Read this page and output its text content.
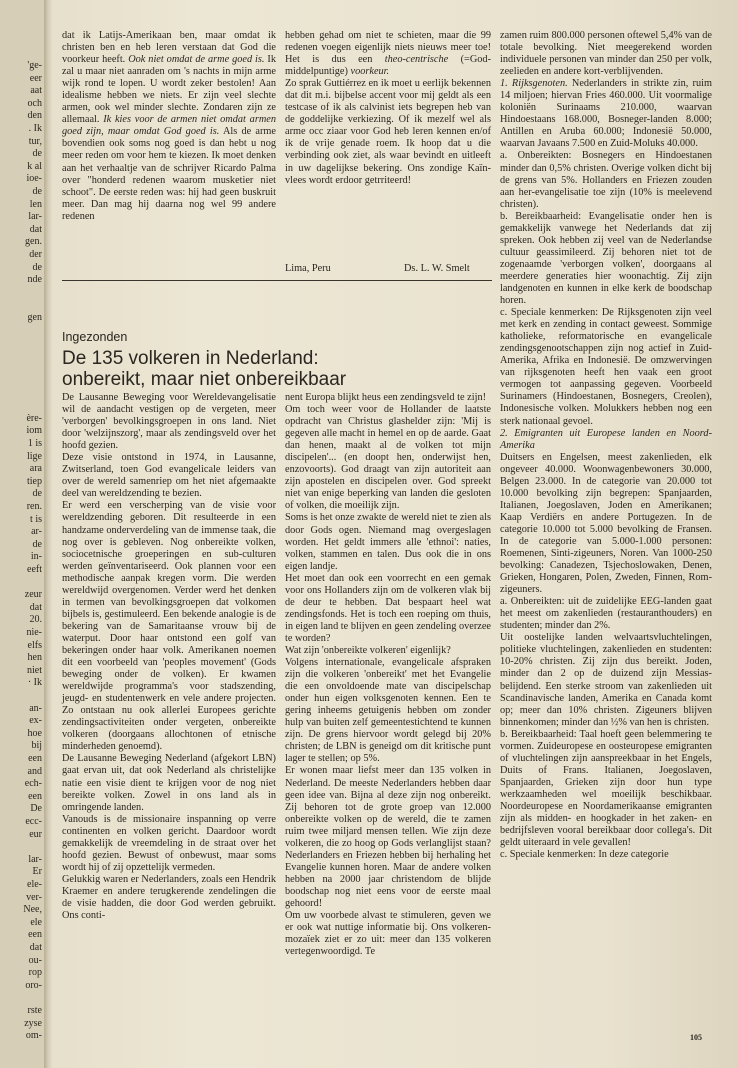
'ge-
eer
aat
och
den
. Ik
tur,
de
k al
ioe-
de
len
lar-
dat
gen.
der
de
nde
gen
ère-
iom
1 is
lige
ara
tiep
de
ren.
t is
ar-
de
in-
eeft
zeur
dat
20.
nie-
elfs
hen
niet
· Ik
an-
ex-
hoe
bij
een
and
ech-
een
De
ecc-
eur
lar-
Er
ele-
ver-
Nee,
ele
een
dat
ou-
rop
oro-
rste
zyse
om-

dat ik Latijs-Amerikaan ben, maar omdat ik christen ben en heb leren verstaan dat God die voorkeur heeft. Ook niet omdat de arme goed is. Ik zal u maar niet aanraden om 's nachts in mijn arme wijk rond te lopen. U wordt zeker bestolen! Aan idealisme hebben we niets. Er zijn veel slechte armen, ook wel minder slechte. Zondaren zijn ze allemaal. Ik kies voor de armen niet omdat armen goed zijn, maar omdat God goed is. Als de arme bovendien ook soms nog goed is dan hebt u nog meer reden om voor hem te kiezen. Ik moet denken aan het verhaaltje van de schrijver Ricardo Palma over "honderd redenen waarom musketier niet schoot". De eerste reden was: hij had geen buskruit meer. Dan mag hij daarna nog wel 99 andere redenen

hebben gehad om niet te schieten, maar die 99 redenen voegen eigenlijk niets nieuws meer toe! Het is dus een theo-centrische (=God-middelpuntige) voorkeur.
Zo sprak Guttiérrez en ik moet u eerlijk bekennen dat dit m.i. bijbelse accent voor mij geldt als een testcase of ik als calvinist iets begrepen heb van de goddelijke verkiezing. Of ik mezelf wel als arme occ ziaar voor God heb leren kennen en/of ik de vrije genade roem. Ik hoop dat u die verbinding ook ziet, als waar bevindt en uitleeft in uw dagelijkse bekering. Ons zondige Kaïn-vlees wordt erdoor getrriteerd!

Lima, Peru	Ds. L. W. Smelt
Ingezonden
De 135 volkeren in Nederland:
onbereikt, maar niet onbereikbaar

De Lausanne Beweging voor Wereldevangelisatie wil de aandacht vestigen op de vergeten, meer 'verborgen' bevolkingsgroepen in ons land. Niet door 'welzijnszorg', maar als zendingsveld over het hoofd gezien.

Deze visie ontstond in 1974, in Lausanne, Zwitserland, toen God evangelicale leiders van over de wereld samenriep om het niet afgemaakte deel van wereldzending te bezien.

Er werd een verscherping van de visie voor wereldzending geboren. Dit resulteerde in een handzame onderverdeling van de immense taak, die nog over is gebleven. Nog onbereikte volken, sociocetnische groeperingen en sub-culturen werden geïnventariseerd. Ook plannen voor een methodische aanpak kregen vorm. Die werden wereldwijd overgenomen. Verder werd het denken in termen van bevolkingsgroepen dat volkomen bijbels is, gestimuleerd. Een bekende analogie is de bekering van de Samaritaanse vrouw bij de waterput. Door haar ontstond een golf van bekeringen onder haar volk. Amerikanen noemen dit een voorbeeld van 'peoples movement' (Gods beweging onder de volken). Er kwamen wereldwijde programma's voor stadszending, jeugd- en studentenwerk en vele andere projecten. Zo ontstaan nu ook allerlei Europees gerichte zendingsactiviteiten onder vergeten, onbereikte volkeren (doorgaans allochtonen of etnische minderheden genoemd).

De Lausanne Beweging Nederland (afgekort LBN) gaat ervan uit, dat ook Nederland als christelijke natie een visie dient te krijgen voor de nog niet bereikte volken. Zowel in ons land als in omringende landen.

Vanouds is de missionaire inspanning op verre continenten en volken gericht. Daardoor wordt gemakkelijk de vreemdeling in de straat over het hoofd gezien. Bewust of onbewust, maar soms wordt hij of zij opzettelijk vermeden.

Gelukkig waren er Nederlanders, zoals een Hendrik Kraemer en andere terugkerende zendelingen die de visie hadden, die door God werden gebruikt. Ons conti-

nent Europa blijkt heus een zendingsveld te zijn!

Om toch weer voor de Hollander de laatste opdracht van Christus glashelder zijn: 'Mij is gegeven alle macht in hemel en op de aarde. Gaat dan henen, maakt al de volken tot mijn discipelen'... (en doopt hen, onderwijst hen, enzovoorts). God draagt van zijn autoriteit aan zijn apostelen en discipelen over. God spreekt niet van enige beperking van landen die gesloten of volken, die moeilijk zijn.

Soms is het onze zwakte de wereld niet te zien als door Gods ogen. Niemand mag overgeslagen worden. Het geldt immers alle 'ethnoi': naties, volken, stammen en talen. Dus ook die in ons eigen landje.

Het moet dan ook een voorrecht en een gemak voor ons Hollanders zijn om de volkeren vlak bij de deur te hebben. Dat bespaart heel wat zendingsfonds. Het is toch een roeping om thuis, in eigen land te blijven en geen zendeling overzee te worden?

Wat zijn 'onbereikte volkeren' eigenlijk?

Volgens internationale, evangelicale afspraken zijn die volkeren 'onbereikt' met het Evangelie die een onvoldoende mate van discipelschap onder hun eigen volksgenoten kennen. Een te gering inheems getuigenis hebben om zonder hulp van buiten zelf gemeentestichtend te kunnen zijn. De grens hiervoor wordt gelegd bij 20% christen; de LBN is geneigd om dit kritische punt lager te stellen; op 5%.

Er wonen maar liefst meer dan 135 volken in Nederland. De meeste Nederlanders hebben daar geen idee van. Bijna al deze zijn nog onbereikt. Zij behoren tot de grote groep van 12.000 onbereikte volken op de wereld, die te zamen ruim twee miljard mensen tellen. Wie zijn deze volkeren, die zo hoog op Gods verlanglijst staan? Nederlanders en Friezen hebben bij herhaling het Evangelie kunnen horen. Maar de andere volken hebben na 2000 jaar christendom de blijde boodschap nog niet eens voor de eerste maal gehoord!

Om uw voorbede alvast te stimuleren, geven we er ook wat nuttige informatie bij. Ons volkeren-mozaïek ziet er zo uit: meer dan 135 volkeren vertegenwoordigd. Te

zamen ruim 800.000 personen oftewel 5,4% van de totale bevolking. Niet meegerekend worden individuele personen van minder dan 250 per volk, zeelieden en andere kort-verblijvenden.

1. Rijksgenoten. Nederlanders in strikte zin, ruim 14 miljoen; hiervan Fries 460.000. Uit voormalige koloniën Surinaams 210.000, waarvan Hindoestaans 168.000, Bosneger-landen 8.000; Antillen en Aruba 60.000; Indonesië 50.000, waarvan Javaans 7.500 en Zuid-Moluks 40.000.

a. Onbereikten: Bosnegers en Hindoestanen minder dan 0,5% christen. Overige volken dicht bij de grens van 5%. Hollanders en Friezen zouden aan her-evangelisatie toe zijn (10% is meelevend christen).

b. Bereikbaarheid: Evangelisatie onder hen is gemakkelijk vanwege het Nederlands dat zij spreken. Ook hebben zij veel van de Nederlandse cultuur geassimileerd. Zij behoren niet tot de zogenaamde 'verborgen volken', doorgaans al meerdere generaties hier woonachtig. Zij zijn landgenoten en kunnen in elke kerk de boodschap horen.

c. Speciale kenmerken: De Rijksgenoten zijn veel met kerk en zending in contact geweest. Sommige katholieke, reformatorische en evangelicale zendingsgenootschappen zijn nog actief in Zuid-Amerika, Afrika en Indonesië. De omzwervingen van rijksgenoten heeft hen vaak een groot vermogen tot aanpassing gegeven. Voorbeeld Surinamers (Hindoestanen, Bosnegers, Creolen), Indonesische volken. Molukkers hebben nog een sterk nationaal gevoel.

2. Emigranten uit Europese landen en Noord-Amerika

Duitsers en Engelsen, meest zakenlieden, elk ongeveer 40.000. Woonwagenbewoners 30.000, Belgen 23.000. In de categorie van 20.000 tot 10.000 bevolking zijn begrepen: Spanjaarden, Italianen, Joegoslaven, Joden en Amerikanen; Kaap Verdiërs en andere Portugezen. In de categorie 10.000 tot 5.000 bevolking de Fransen. In de categorie van 5.000-1.000 personen: Roemenen, Sinti-zigeuners, Noren. Van 1000-250 bevolking: Canadezen, Tsjechoslowaken, Denen, Grieken, Hongaren, Polen, Zweden, Finnen, Rom-zigeuners.

a. Onbereikten: uit de zuidelijke EEG-landen gaat het meest om zakenlieden (restauranthouders) en studenten; minder dan 2%.

Uit oostelijke landen welvaartsvluchtelingen, politieke vluchtelingen, zakenlieden en studenten: 10-20% christen. Zij zijn dus bereikt. Joden, minder dan 2 op de duizend zijn Messias-belijdend. Een sterke stroom van zakenlieden uit Scandinavische landen, Amerika en Canada komt op; meer dan 10% christen. Zigeuners blijven binnenkomen; minder dan ½% van hen is christen.

b. Bereikbaarheid: Taal hoeft geen belemmering te vormen. Zuideuropese en oosteuropese emigranten of vluchtelingen zijn aanspreekbaar in het Engels, Duits of Frans. Italianen, Joegoslaven, Spanjaarden, Grieken zijn door hun type werkzaamheden wel moeilijk beschikbaar. Noordeuropese en Noordamerikaanse emigranten zijn als midden- en hoogkader in het zaken- en bedrijfsleven vooral bereikbaar door collega's. Dit geldt uiteraard in vele gevallen!

c. Speciale kenmerken: In deze categorie

105
